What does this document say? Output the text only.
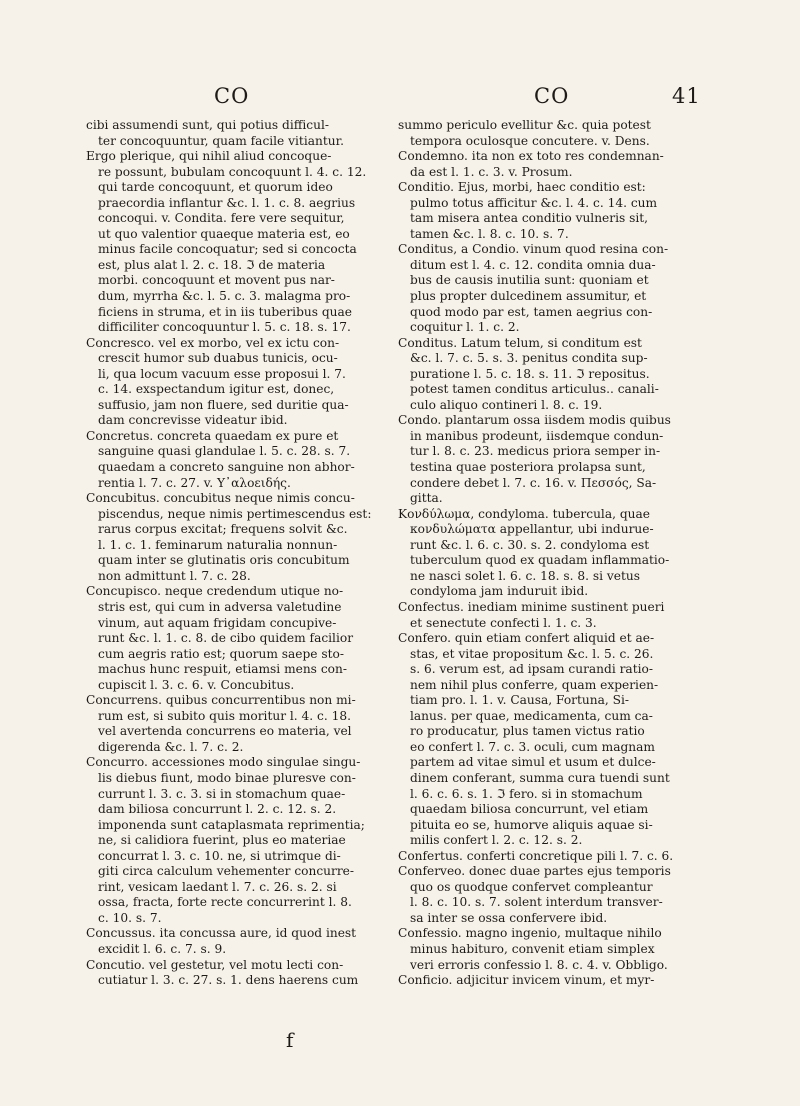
CO	CO	41
cibi assumendi sunt, qui potius difficul-
ter concoquuntur, quam facile vitiantur.
Ergo plerique, qui nihil aliud concoque-
re possunt, bubulam concoquunt l. 4. c. 12.
qui tarde concoquunt, et quorum ideo
praecordia inflantur &c. l. 1. c. 8. aegrius
concoqui. v. Condita. fere vere sequitur,
ut quo valentior quaeque materia est, eo
minus facile concoquatur; sed si concocta
est, plus alat l. 2. c. 18. ℑ de materia
morbi. concoquunt et movent pus nar-
dum, myrrha &c. l. 5. c. 3. malagma pro-
ficiens in struma, et in iis tuberibus quae
difficiliter concoquuntur l. 5. c. 18. s. 17.
Concresco. vel ex morbo, vel ex ictu con-
crescit humor sub duabus tunicis, ocu-
li, qua locum vacuum esse proposui l. 7.
c. 14. exspectandum igitur est, donec,
suffusio, jam non fluere, sed duritie qua-
dam concrevisse videatur ibid.
Concretus. concreta quaedam ex pure et
sanguine quasi glandulae l. 5. c. 28. s. 7.
quaedam a concreto sanguine non abhor-
rentia l. 7. c. 27. v. Υ᾿αλοειδής.
Concubitus. concubitus neque nimis concu-
piscendus, neque nimis pertimescendus est:
rarus corpus excitat; frequens solvit &c.
l. 1. c. 1. feminarum naturalia nonnun-
quam inter se glutinatis oris concubitum
non admittunt l. 7. c. 28.
Concupisco. neque credendum utique no-
stris est, qui cum in adversa valetudine
vinum, aut aquam frigidam concupive-
runt &c. l. 1. c. 8. de cibo quidem facilior
cum aegris ratio est; quorum saepe sto-
machus hunc respuit, etiamsi mens con-
cupiscit l. 3. c. 6. v. Concubitus.
Concurrens. quibus concurrentibus non mi-
rum est, si subito quis moritur l. 4. c. 18.
vel avertenda concurrens eo materia, vel
digerenda &c. l. 7. c. 2.
Concurro. accessiones modo singulae singu-
lis diebus fiunt, modo binae pluresve con-
currunt l. 3. c. 3. si in stomachum quae-
dam biliosa concurrunt l. 2. c. 12. s. 2.
imponenda sunt cataplasmata reprimentia;
ne, si calidiora fuerint, plus eo materiae
concurrat l. 3. c. 10. ne, si utrimque di-
giti circa calculum vehementer concurre-
rint, vesicam laedant l. 7. c. 26. s. 2. si
ossa, fracta, forte recte concurrerint l. 8.
c. 10. s. 7.
Concussus. ita concussa aure, id quod inest
excidit l. 6. c. 7. s. 9.
Concutio. vel gestetur, vel motu lecti con-
cutiatur l. 3. c. 27. s. 1. dens haerens cum
summo periculo evellitur &c. quia potest
tempora oculosque concutere. v. Dens.
Condemno. ita non ex toto res condemnan-
da est l. 1. c. 3. v. Prosum.
Conditio. Ejus, morbi, haec conditio est:
pulmo totus afficitur &c. l. 4. c. 14. cum
tam misera antea conditio vulneris sit,
tamen &c. l. 8. c. 10. s. 7.
Conditus, a Condio. vinum quod resina con-
ditum est l. 4. c. 12. condita omnia dua-
bus de causis inutilia sunt: quoniam et
plus propter dulcedinem assumitur, et
quod modo par est, tamen aegrius con-
coquitur l. 1. c. 2.
Conditus. Latum telum, si conditum est
&c. l. 7. c. 5. s. 3. penitus condita sup-
puratione l. 5. c. 18. s. 11. ℑ repositus.
potest tamen conditus articulus.. canali-
culo aliquo contineri l. 8. c. 19.
Condo. plantarum ossa iisdem modis quibus
in manibus prodeunt, iisdemque condun-
tur l. 8. c. 23. medicus priora semper in-
testina quae posteriora prolapsa sunt,
condere debet l. 7. c. 16. v. Πεσσός, Sa-
gitta.
Κονδύλωμα, condyloma. tubercula, quae
κονδυλώματα appellantur, ubi indurue-
runt &c. l. 6. c. 30. s. 2. condyloma est
tuberculum quod ex quadam inflammatio-
ne nasci solet l. 6. c. 18. s. 8. si vetus
condyloma jam induruit ibid.
Confectus. inediam minime sustinent pueri
et senectute confecti l. 1. c. 3.
Confero. quin etiam confert aliquid et ae-
stas, et vitae propositum &c. l. 5. c. 26.
s. 6. verum est, ad ipsam curandi ratio-
nem nihil plus conferre, quam experien-
tiam pro. l. 1. v. Causa, Fortuna, Si-
lanus. per quae, medicamenta, cum ca-
ro producatur, plus tamen victus ratio
eo confert l. 7. c. 3. oculi, cum magnam
partem ad vitae simul et usum et dulce-
dinem conferant, summa cura tuendi sunt
l. 6. c. 6. s. 1. ℑ fero. si in stomachum
quaedam biliosa concurrunt, vel etiam
pituita eo se, humorve aliquis aquae si-
milis confert l. 2. c. 12. s. 2.
Confertus. conferti concretique pili l. 7. c. 6.
Conferveo. donec duae partes ejus temporis
quo os quodque confervet compleantur
l. 8. c. 10. s. 7. solent interdum transver-
sa inter se ossa confervere ibid.
Confessio. magno ingenio, multaque nihilo
minus habituro, convenit etiam simplex
veri erroris confessio l. 8. c. 4. v. Obbligo.
Conficio. adjicitur invicem vinum, et myr-
f
